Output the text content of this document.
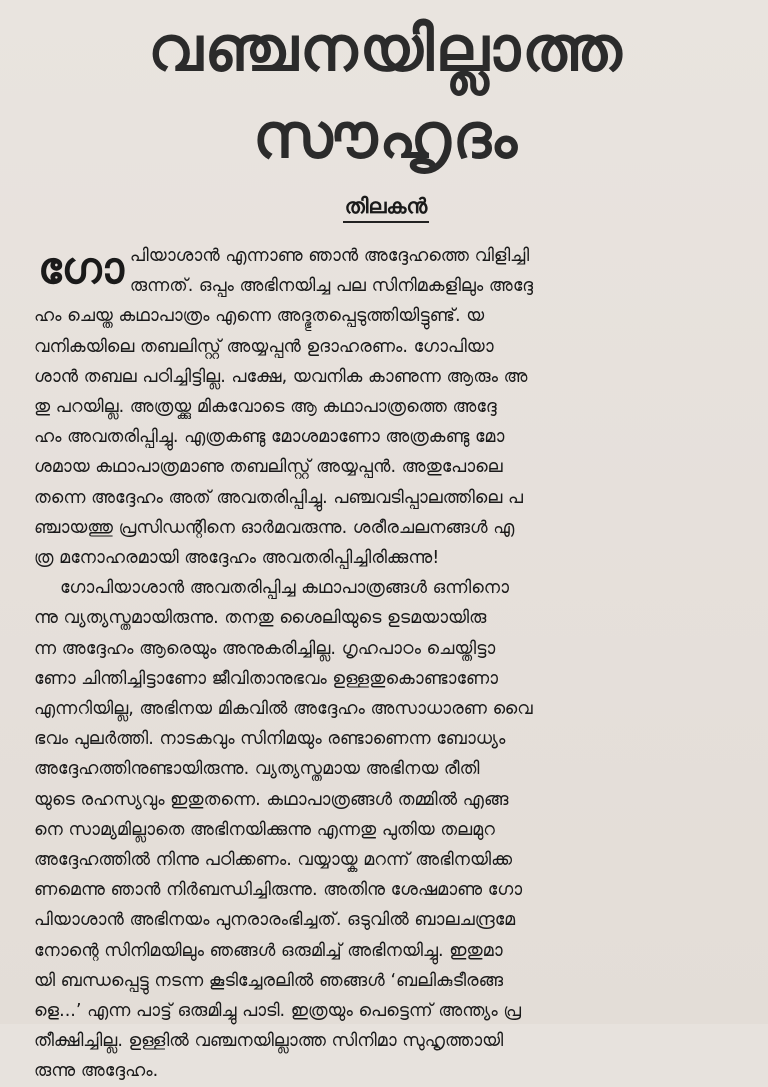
വഞ്ചനയില്ലാത്ത
സൗഹൃദം
തിലകൻ
ഗോ പിയാശാൻ എന്നാണു ഞാൻ അദ്ദേഹത്തെ വിളിച്ചി
രുന്നത്. ഒപ്പം അഭിനയിച്ച പല സിനിമകളിലും അദ്ദേ
ഹം ചെയ്ത കഥാപാത്രം എന്നെ അദ്ഭുതപ്പെടുത്തിയിട്ടുണ്ട്. യ
വനികയിലെ തബലിസ്റ്റ് അയ്യപ്പൻ ഉദാഹരണം. ഗോപിയാ
ശാൻ തബല പഠിച്ചിട്ടില്ല. പക്ഷേ, യവനിക കാണുന്ന ആരും അ
തു പറയില്ല. അത്രയ്ക്കു മികവോടെ ആ കഥാപാത്രത്തെ അദ്ദേ
ഹം അവതരിപ്പിച്ചു. എത്രകണ്ടു മോശമാണോ അത്രകണ്ടു മോ
ശമായ കഥാപാത്രമാണു തബലിസ്റ്റ് അയ്യപ്പൻ. അതുപോലെ
തന്നെ അദ്ദേഹം അത് അവതരിപ്പിച്ചു. പഞ്ചവടിപ്പാലത്തിലെ പ
ഞ്ചായത്തു പ്രസിഡന്റിനെ ഓർമവരുന്നു. ശരീരചലനങ്ങൾ എ
ത്ര മനോഹരമായി അദ്ദേഹം അവതരിപ്പിച്ചിരിക്കുന്നു!
ഗോപിയാശാൻ അവതരിപ്പിച്ച കഥാപാത്രങ്ങൾ ഒന്നിനൊ
ന്നു വ്യത്യസ്തമായിരുന്നു. തനതു ശൈലിയുടെ ഉടമയായിരു
ന്ന അദ്ദേഹം ആരെയും അനുകരിച്ചില്ല. ഗൃഹപാഠം ചെയ്തിട്ടാ
ണോ ചിന്തിച്ചിട്ടാണോ ജീവിതാനുഭവം ഉള്ളതുകൊണ്ടാണോ
എന്നറിയില്ല, അഭിനയ മികവിൽ അദ്ദേഹം അസാധാരണ വൈ
ഭവം പുലർത്തി. നാടകവും സിനിമയും രണ്ടാണെന്ന ബോധ്യം
അദ്ദേഹത്തിനുണ്ടായിരുന്നു. വ്യത്യസ്തമായ അഭിനയ രീതി
യുടെ രഹസ്യവും ഇതുതന്നെ. കഥാപാത്രങ്ങൾ തമ്മിൽ എങ്ങ
നെ സാമ്യമില്ലാതെ അഭിനയിക്കുന്നു എന്നതു പുതിയ തലമുറ
അദ്ദേഹത്തിൽ നിന്നു പഠിക്കണം. വയ്യായ്ക മറന്ന് അഭിനയിക്ക
ണമെന്നു ഞാൻ നിർബന്ധിച്ചിരുന്നു. അതിനു ശേഷമാണു ഗോ
പിയാശാൻ അഭിനയം പുനരാരംഭിച്ചത്. ഒടുവിൽ ബാലചന്ദ്രമേ
നോന്റെ സിനിമയിലും ഞങ്ങൾ ഒരുമിച്ച് അഭിനയിച്ചു. ഇതുമാ
യി ബന്ധപ്പെട്ടു നടന്ന കൂടിച്ചേരലിൽ ഞങ്ങൾ ‘ബലികുടീരങ്ങ
ളെ...’ എന്ന പാട്ട് ഒരുമിച്ചു പാടി. ഇത്രയും പെട്ടെന്ന് അന്ത്യം പ്ര
തീക്ഷിച്ചില്ല. ഉള്ളിൽ വഞ്ചനയില്ലാത്ത സിനിമാ സുഹൃത്തായി
രുന്നു അദ്ദേഹം.
